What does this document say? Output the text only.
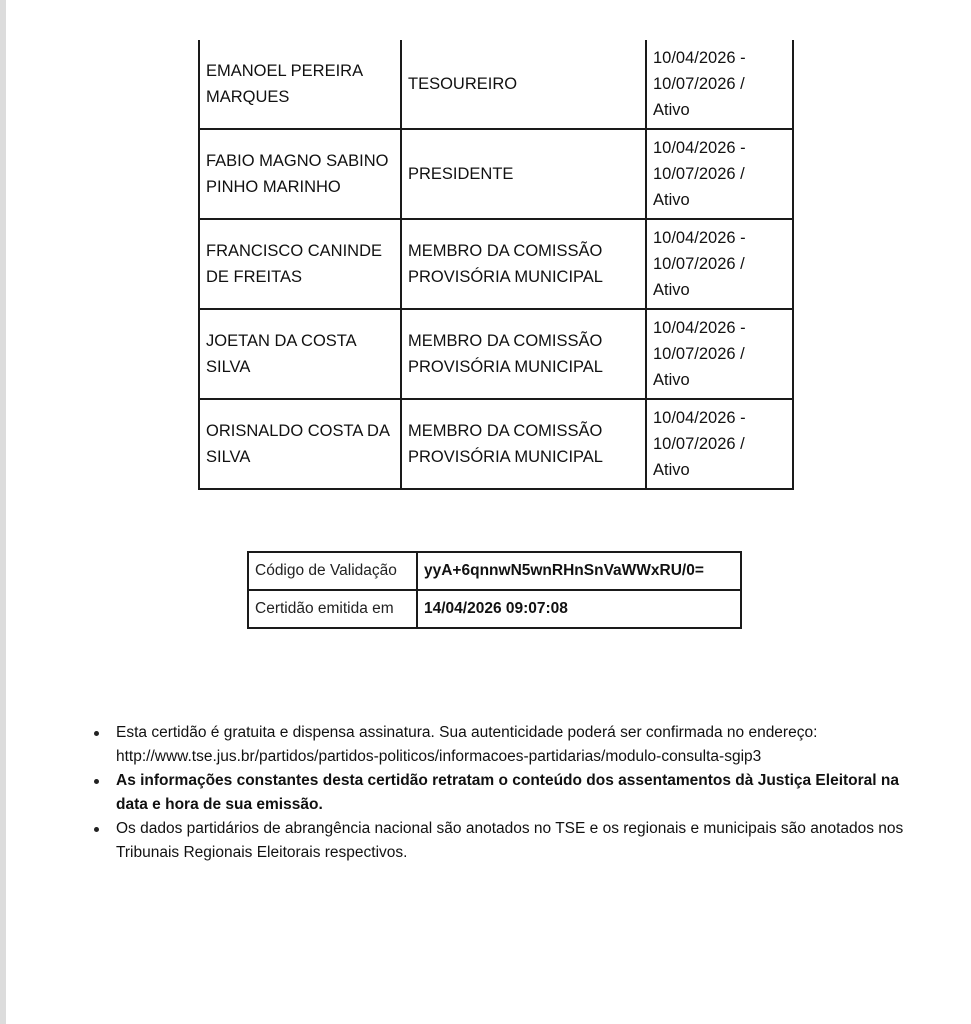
EMANOEL PEREIRA MARQUES	TESOUREIRO	10/04/2026 -
10/07/2026 /
Ativo
FABIO MAGNO SABINO PINHO MARINHO	PRESIDENTE	10/04/2026 -
10/07/2026 /
Ativo
FRANCISCO CANINDE DE FREITAS	MEMBRO DA COMISSÃO PROVISÓRIA MUNICIPAL	10/04/2026 -
10/07/2026 /
Ativo
JOETAN DA COSTA SILVA	MEMBRO DA COMISSÃO PROVISÓRIA MUNICIPAL	10/04/2026 -
10/07/2026 /
Ativo
ORISNALDO COSTA DA SILVA	MEMBRO DA COMISSÃO PROVISÓRIA MUNICIPAL	10/04/2026 -
10/07/2026 /
Ativo
Código de Validação	yyA+6qnnwN5wnRHnSnVaWWxRU/0=
Certidão emitida em	14/04/2026 09:07:08
Esta certidão é gratuita e dispensa assinatura. Sua autenticidade poderá ser confirmada no endereço: http://www.tse.jus.br/partidos/partidos-politicos/informacoes-partidarias/modulo-consulta-sgip3
As informações constantes desta certidão retratam o conteúdo dos assentamentos dà Justiça Eleitoral na data e hora de sua emissão.
Os dados partidários de abrangência nacional são anotados no TSE e os regionais e municipais são anotados nos Tribunais Regionais Eleitorais respectivos.
